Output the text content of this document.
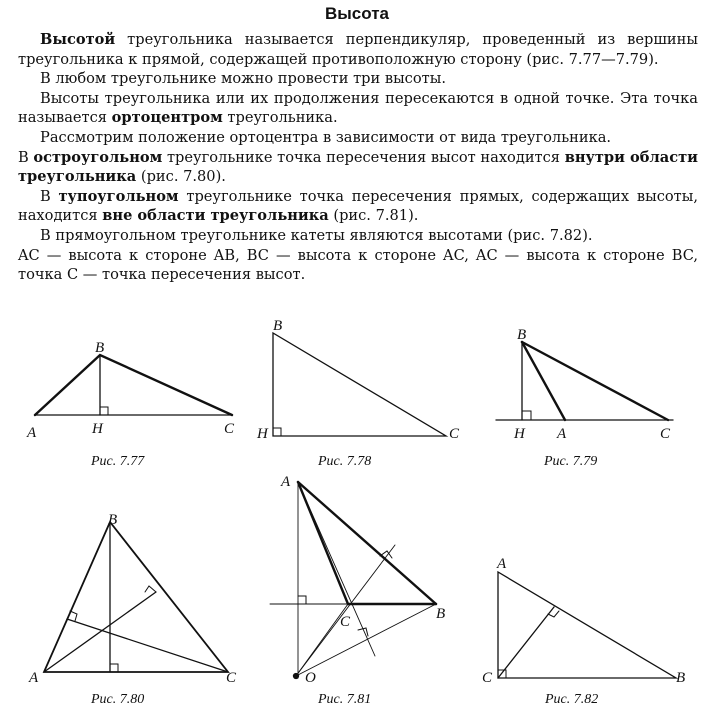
Высота

Высотой треугольника называется перпендикуляр, проведенный из вершины треугольника к прямой, содержащей противоположную сторону (рис. 7.77—7.79).

В любом треугольнике можно провести три высоты.

Высоты треугольника или их продолжения пересекаются в одной точке. Эта точка называется ортоцентром треугольника.

Рассмотрим положение ортоцентра в зависимости от вида треугольника.

В остроугольном треугольнике точка пересечения высот находится внутри области треугольника (рис. 7.80).

В тупоугольном треугольнике точка пересечения прямых, содержащих высоты, находится вне области треугольника (рис. 7.81).

В прямоугольном треугольнике катеты являются высотами (рис. 7.82).

AC — высота к стороне AB, BC — высота к стороне AC, AC — высота к стороне BC, точка C — точка пересечения высот.

B
A	C
H
Рис. 7.77
B
H	C
Рис. 7.78
B
H A	C
Рис. 7.79
B
A	C
Рис. 7.80
A
B
C
O
Рис. 7.81
A
C	B
Рис. 7.82
